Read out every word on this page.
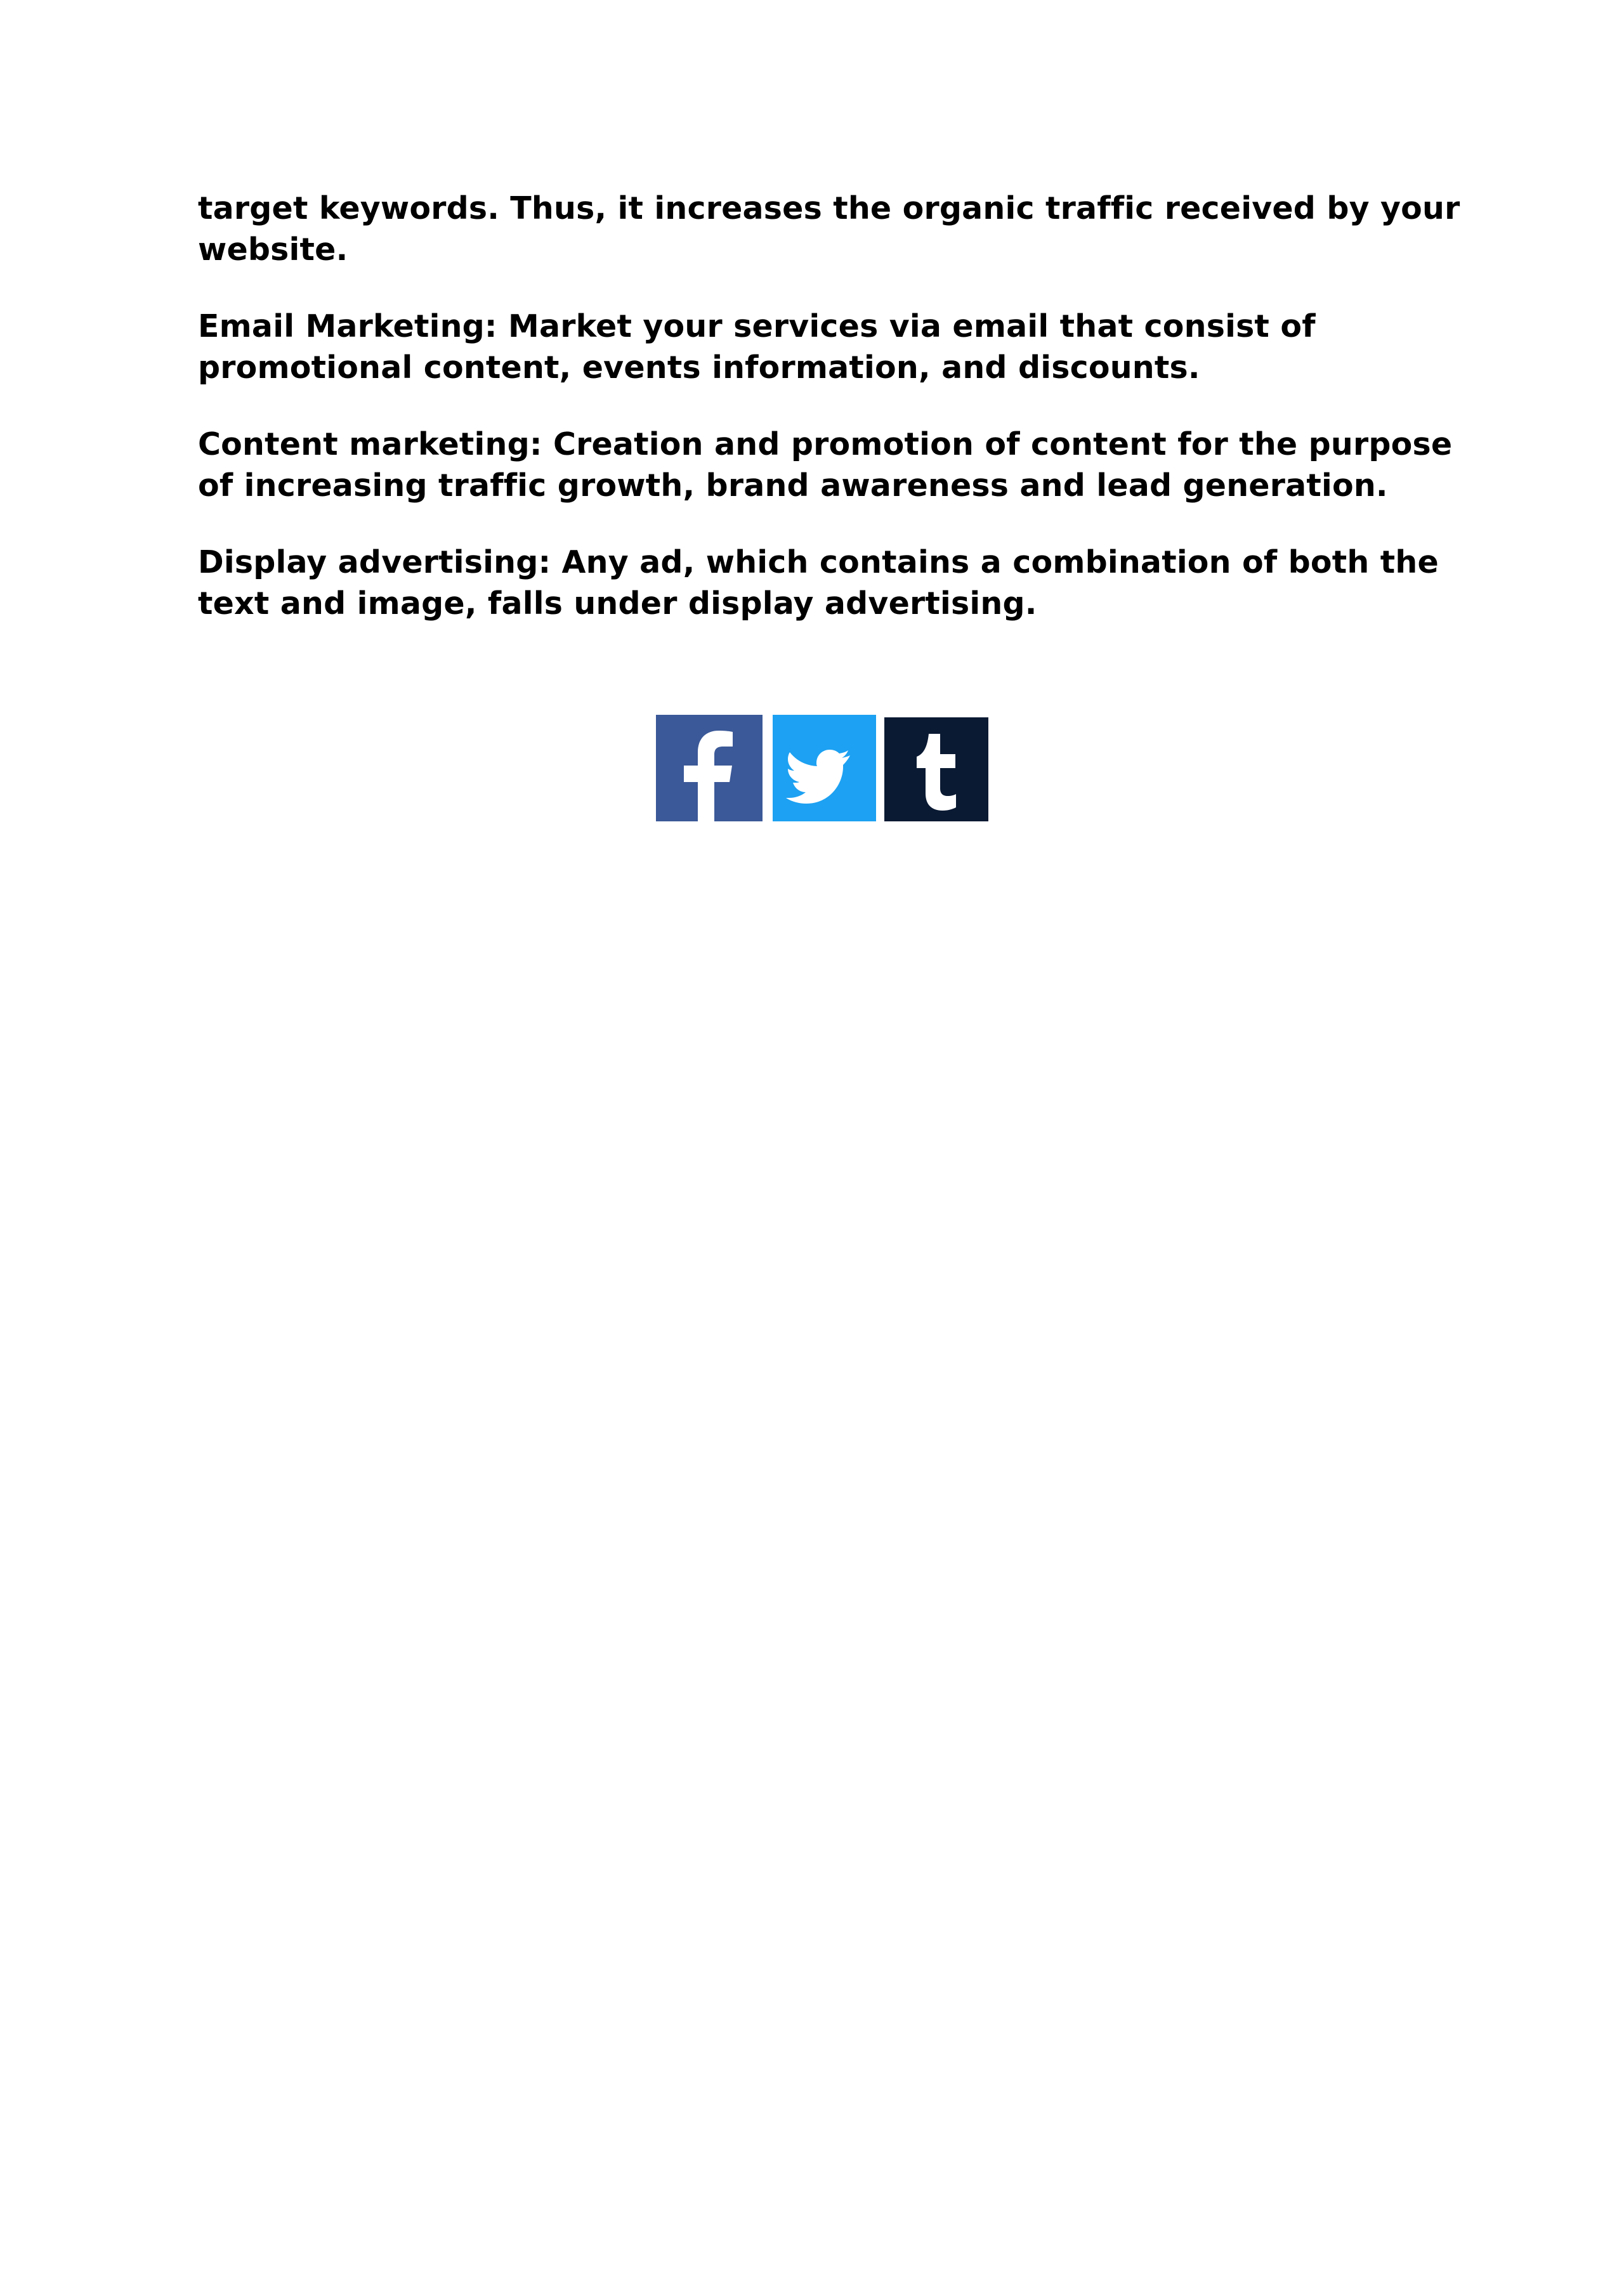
target keywords. Thus, it increases the organic traffic received by your
website.

Email Marketing: Market your services via email that consist of
promotional content, events information, and discounts.

Content marketing: Creation and promotion of content for the purpose
of increasing traffic growth, brand awareness and lead generation.

Display advertising: Any ad, which contains a combination of both the
text and image, falls under display advertising.
